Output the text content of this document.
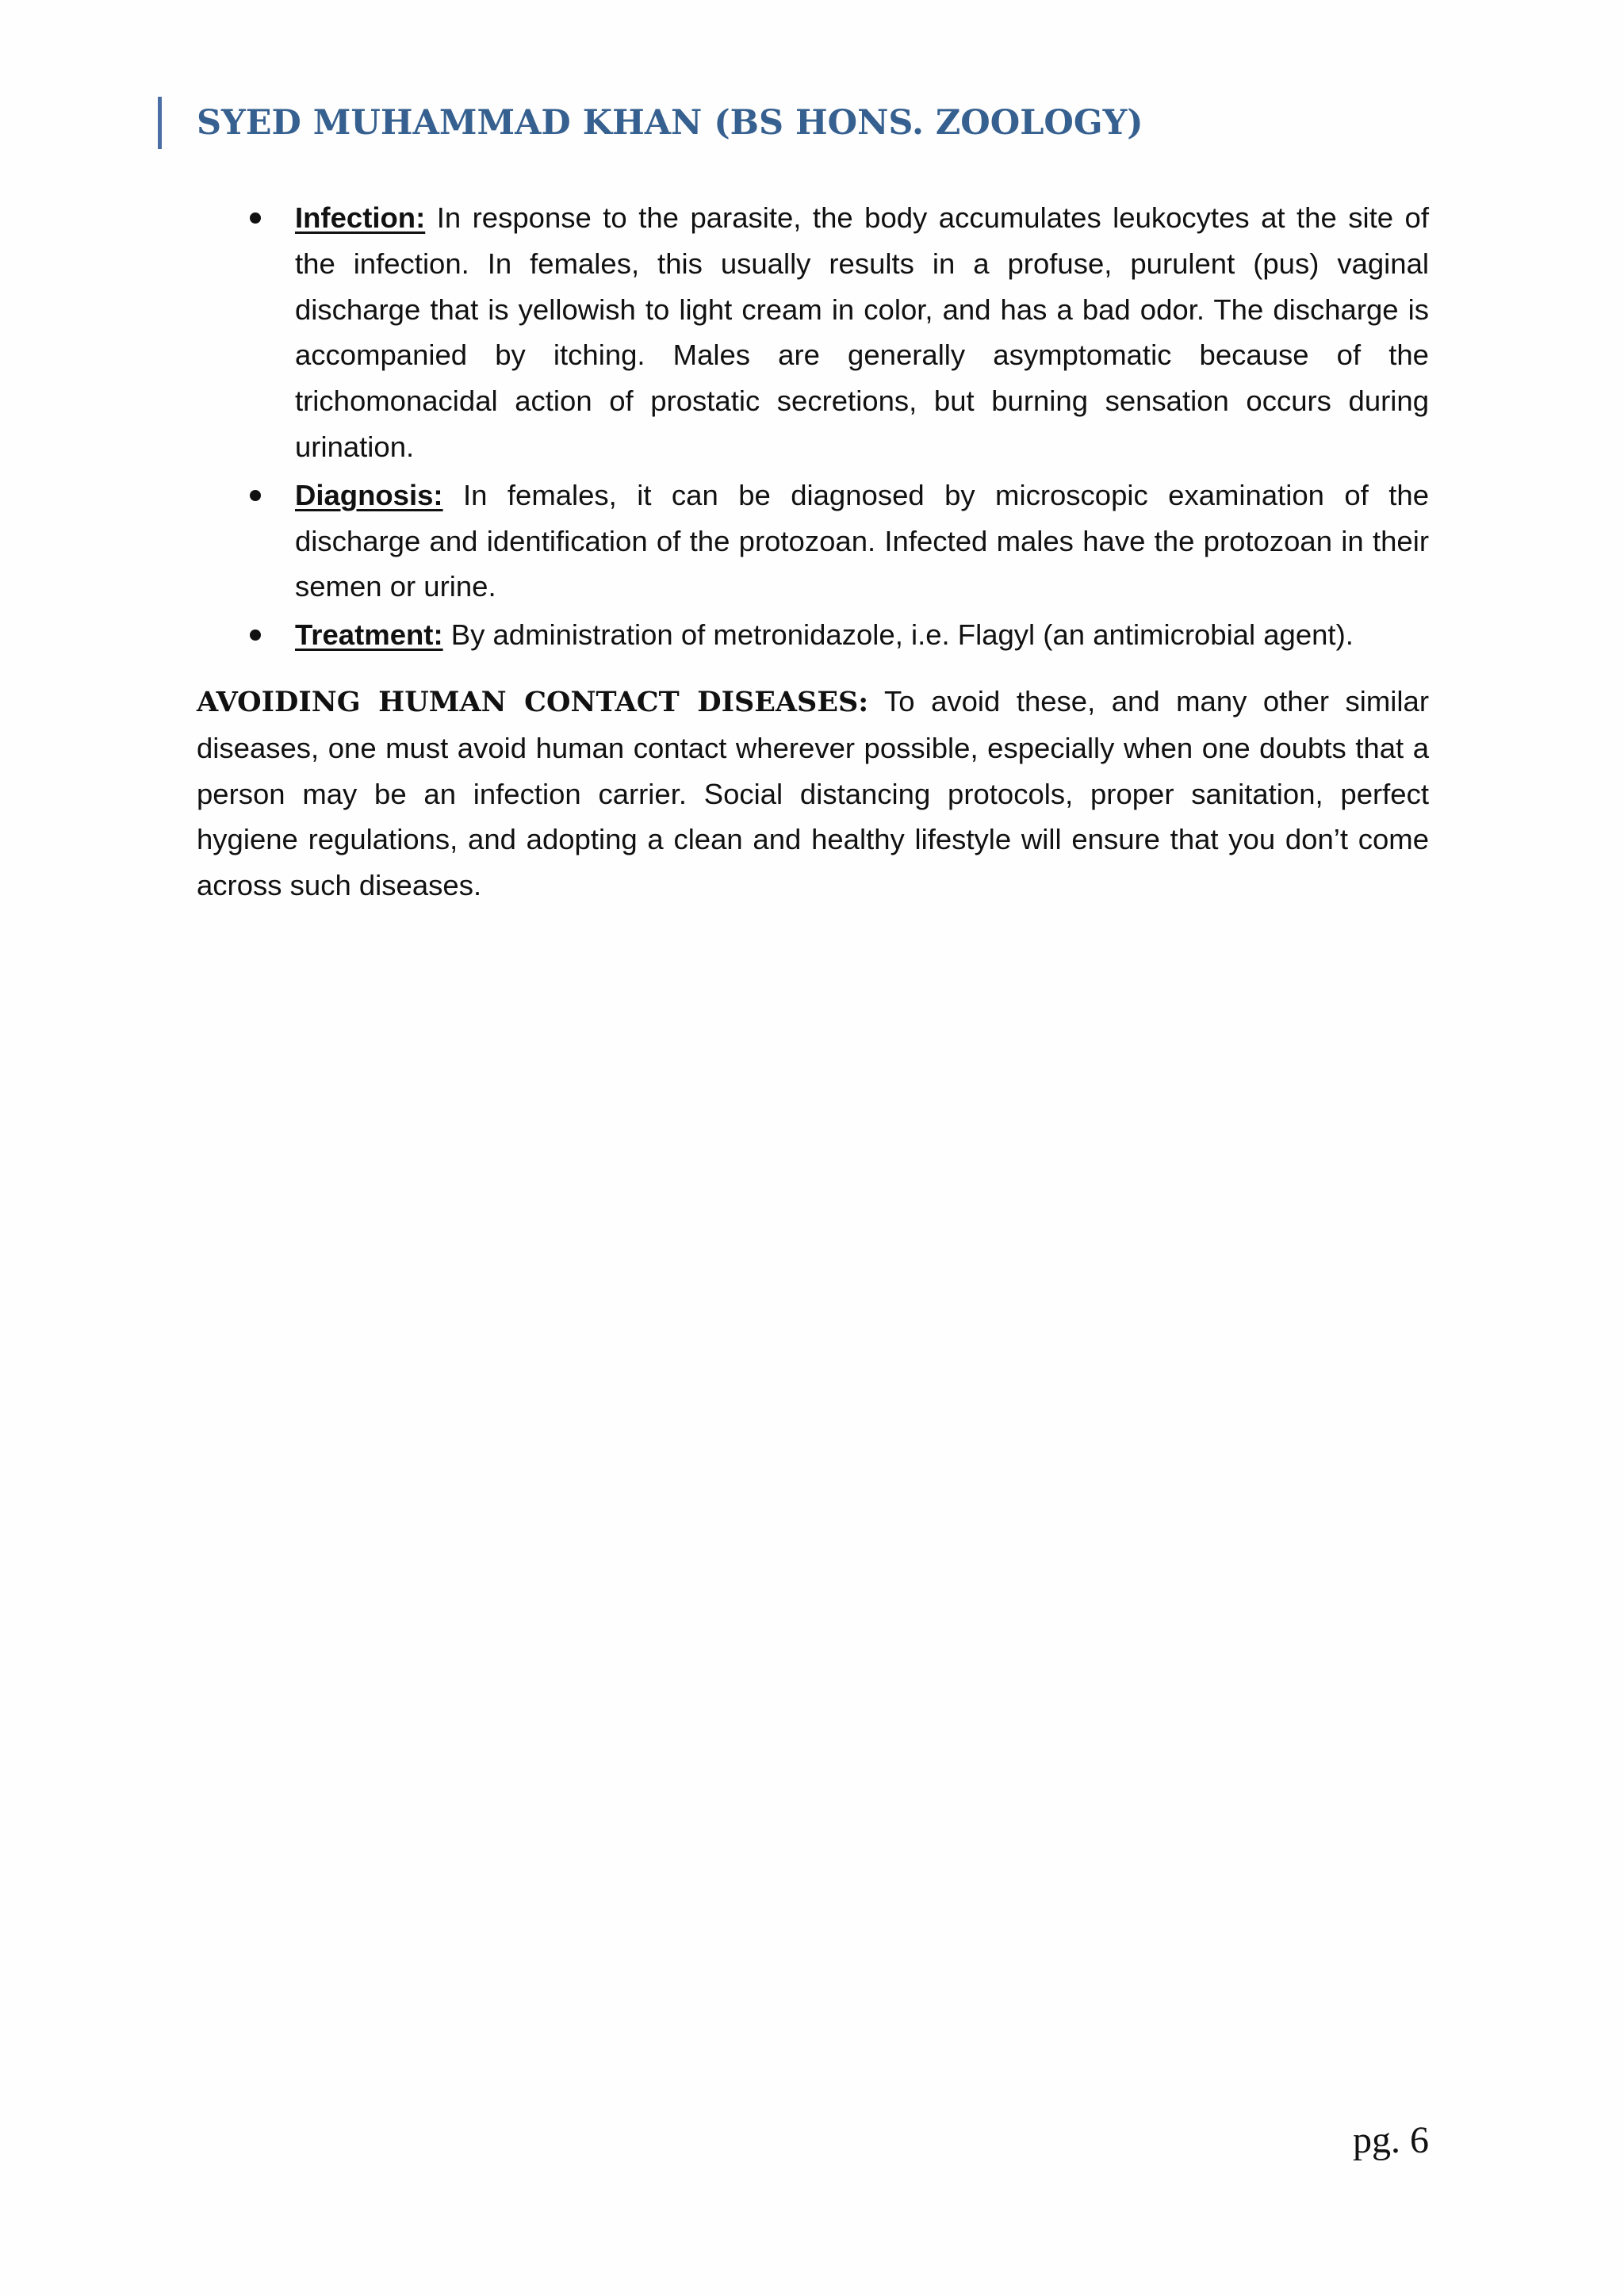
SYED MUHAMMAD KHAN (BS HONS. ZOOLOGY)
Infection: In response to the parasite, the body accumulates leukocytes at the site of the infection. In females, this usually results in a profuse, purulent (pus) vaginal discharge that is yellowish to light cream in color, and has a bad odor. The discharge is accompanied by itching. Males are generally asymptomatic because of the trichomonacidal action of prostatic secretions, but burning sensation occurs during urination.
Diagnosis: In females, it can be diagnosed by microscopic examination of the discharge and identification of the protozoan. Infected males have the protozoan in their semen or urine.
Treatment: By administration of metronidazole, i.e. Flagyl (an antimicrobial agent).

AVOIDING HUMAN CONTACT DISEASES: To avoid these, and many other similar diseases, one must avoid human contact wherever possible, especially when one doubts that a person may be an infection carrier. Social distancing protocols, proper sanitation, perfect hygiene regulations, and adopting a clean and healthy lifestyle will ensure that you don’t come across such diseases.

pg. 6
